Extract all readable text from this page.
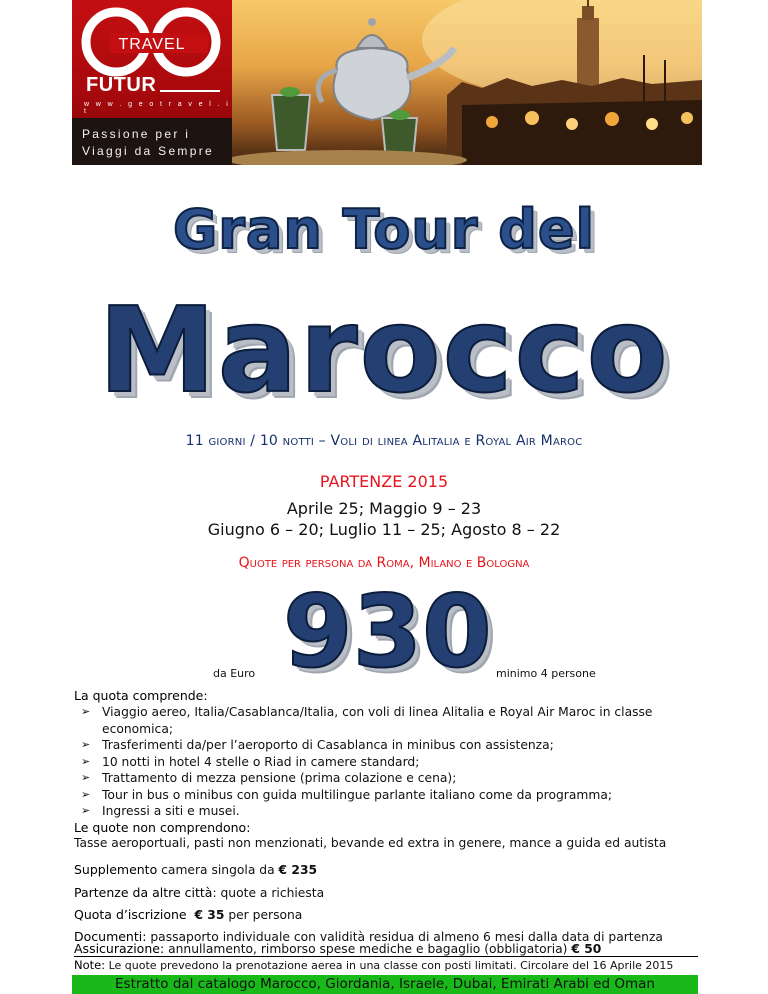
TRAVEL
FUTUR
w w w . g e o t r a v e l . i t
Passione per i
Viaggi da Sempre
Gran Tour del
Marocco
11 giorni / 10 notti – Voli di linea Alitalia e Royal Air Maroc
PARTENZE 2015
Aprile 25; Maggio 9 – 23
Giugno 6 – 20; Luglio 11 – 25; Agosto 8 – 22
Quote per persona da Roma, Milano e Bologna
da Euro 930 minimo 4 persone
La quota comprende:
➢ Viaggio aereo, Italia/Casablanca/Italia, con voli di linea Alitalia e Royal Air Maroc in classe economica;
➢ Trasferimenti da/per l’aeroporto di Casablanca in minibus con assistenza;
➢ 10 notti in hotel 4 stelle o Riad in camere standard;
➢ Trattamento di mezza pensione (prima colazione e cena);
➢ Tour in bus o minibus con guida multilingue parlante italiano come da programma;
➢ Ingressi a siti e musei.
Le quote non comprendono:
Tasse aeroportuali, pasti non menzionati, bevande ed extra in genere, mance a guida ed autista
Supplemento camera singola da € 235
Partenze da altre città: quote a richiesta
Quota d’iscrizione € 35 per persona
Documenti: passaporto individuale con validità residua di almeno 6 mesi dalla data di partenza
Assicurazione: annullamento, rimborso spese mediche e bagaglio (obbligatoria) € 50
Note: Le quote prevedono la prenotazione aerea in una classe con posti limitati. Circolare del 16 Aprile 2015
Estratto dal catalogo Marocco, Giordania, Israele, Dubai, Emirati Arabi ed Oman
